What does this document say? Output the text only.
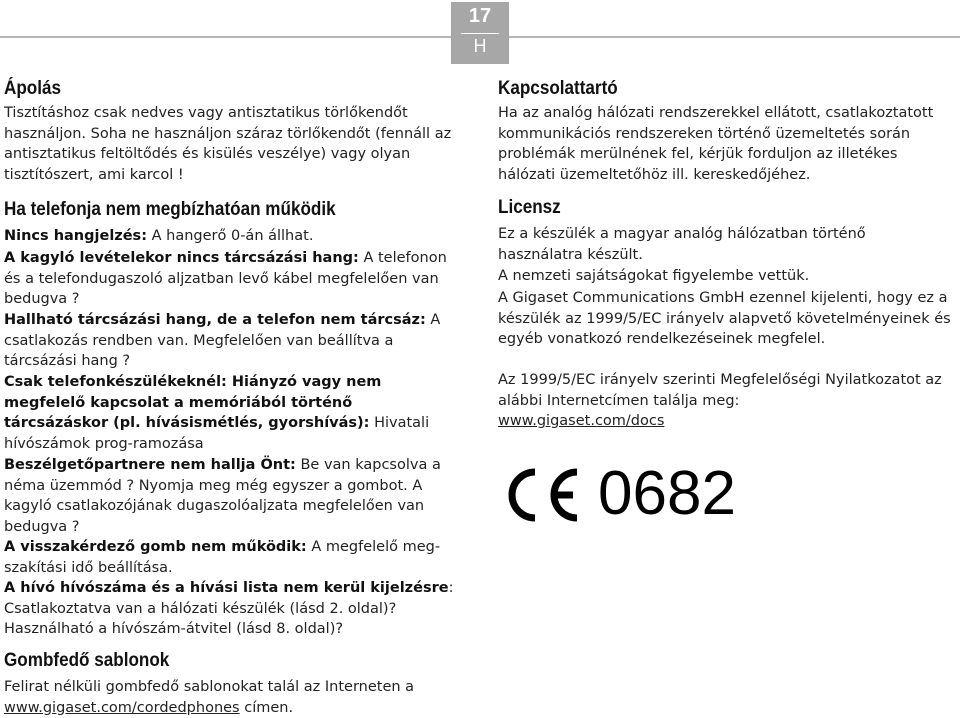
17
H
Ápolás

Tisztításhoz csak nedves vagy antisztatikus törlőkendőt használjon. Soha ne használjon száraz törlőkendőt (fennáll az antisztatikus feltöltődés és kisülés veszélye) vagy olyan tisztítószert, ami karcol !

Ha telefonja nem megbízhatóan működik

Nincs hangjelzés: A hangerő 0-án állhat.

A kagyló levételekor nincs tárcsázási hang: A telefonon és a telefondugaszoló aljzatban levő kábel megfelelően van bedugva ?

Hallható tárcsázási hang, de a telefon nem tárcsáz: A csatlakozás rendben van. Megfelelően van beállítva a tárcsázási hang ?

Csak telefonkészülékeknél: Hiányzó vagy nem megfelelő kapcsolat a memóriából történő tárcsázáskor (pl. hívásismétlés, gyorshívás): Hivatali hívószámok prog-ramozása

Beszélgetőpartnere nem hallja Önt: Be van kapcsolva a néma üzemmód ? Nyomja meg még egyszer a gombot. A kagyló csatlakozójának dugaszolóaljzata megfelelően van bedugva ?

A visszakérdező gomb nem működik: A megfelelő meg-szakítási idő beállítása.

A hívó hívószáma és a hívási lista nem kerül kijelzésre: Csatlakoztatva van a hálózati készülék (lásd 2. oldal)? Használható a hívószám-átvitel (lásd 8. oldal)?

Gombfedő sablonok

Felirat nélküli gombfedő sablonokat talál az Interneten a www.gigaset.com/cordedphones címen.

Kapcsolattartó

Ha az analóg hálózati rendszerekkel ellátott, csatlakoztatott kommunikációs rendszereken történő üzemeltetés során problémák merülnének fel, kérjük forduljon az illetékes hálózati üzemeltetőhöz ill. kereskedőjéhez.

Licensz

Ez a készülék a magyar analóg hálózatban történő használatra készült.

A nemzeti sajátságokat figyelembe vettük.

A Gigaset Communications GmbH ezennel kijelenti, hogy ez a készülék az 1999/5/EC irányelv alapvető követelményeinek és egyéb vonatkozó rendelkezéseinek megfelel.

Az 1999/5/EC irányelv szerinti Megfelelőségi Nyilatkozatot az alábbi Internetcímen találja meg:

www.gigaset.com/docs

0682
